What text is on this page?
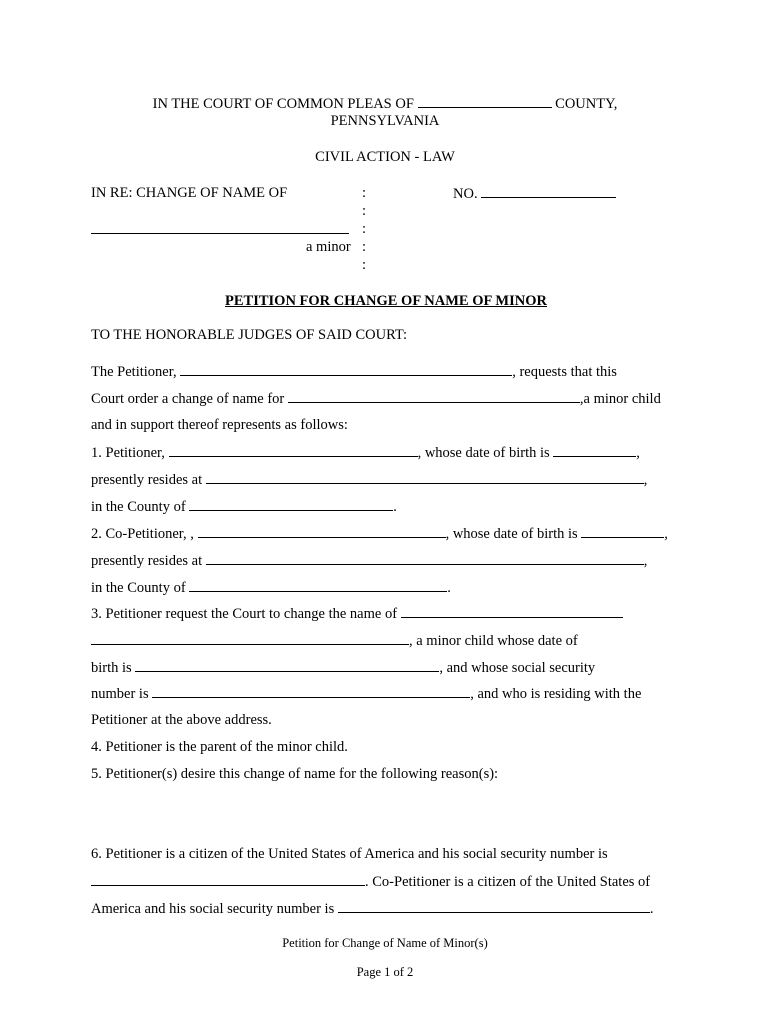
IN THE COURT OF COMMON PLEAS OF	COUNTY,
PENNSYLVANIA
CIVIL ACTION - LAW
IN RE: CHANGE OF NAME OF	:	NO.
:
:
a minor :
:
PETITION FOR CHANGE OF NAME OF MINOR
TO THE HONORABLE JUDGES OF SAID COURT:
The Petitioner,	, requests that this
Court order a change of name for	,a minor child
and in support thereof represents as follows:
1. Petitioner,	, whose date of birth is	,
presently resides at	,
in the County of	.
2. Co-Petitioner, ,	, whose date of birth is	,
presently resides at	,
in the County of	.
3. Petitioner request the Court to change the name of
, a minor child whose date of
birth is	, and whose social security
number is	, and who is residing with the
Petitioner at the above address.
4. Petitioner is the parent of the minor child.
5. Petitioner(s) desire this change of name for the following reason(s):
6. Petitioner is a citizen of the United States of America and his social security number is
. Co-Petitioner is a citizen of the United States of
America and his social security number is	.
Petition for Change of Name of Minor(s)
Page 1 of 2
